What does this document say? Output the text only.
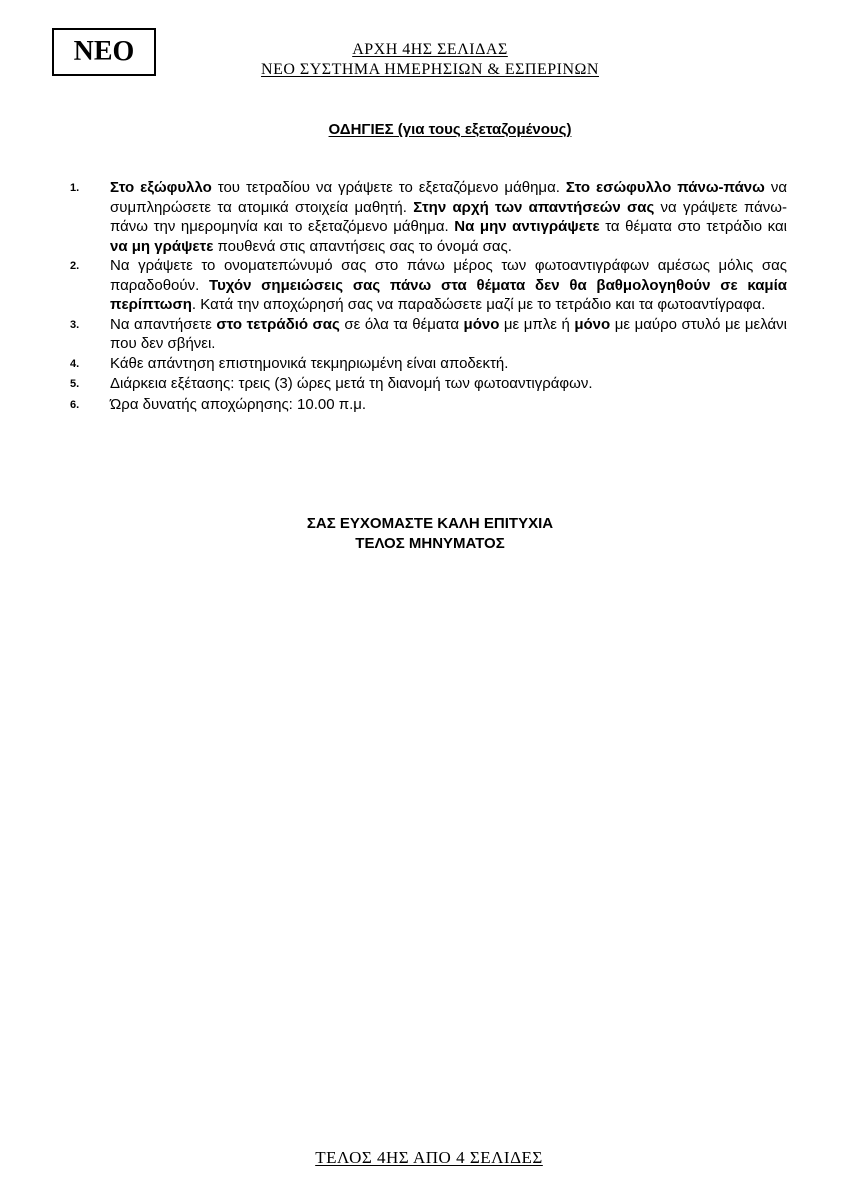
ΝΕΟ	ΑΡΧΗ 4ΗΣ ΣΕΛΙΔΑΣ
ΝΕΟ ΣΥΣΤΗΜΑ ΗΜΕΡΗΣΙΩΝ & ΕΣΠΕΡΙΝΩΝ
ΟΔΗΓΙΕΣ (για τους εξεταζομένους)
1.	Στο εξώφυλλο του τετραδίου να γράψετε το εξεταζόμενο μάθημα. Στο εσώφυλλο πάνω-πάνω να συμπληρώσετε τα ατομικά στοιχεία μαθητή. Στην αρχή των απαντήσεών σας να γράψετε πάνω-πάνω την ημερομηνία και το εξεταζόμενο μάθημα. Να μην αντιγράψετε τα θέματα στο τετράδιο και να μη γράψετε πουθενά στις απαντήσεις σας το όνομά σας.
2.	Να γράψετε το ονοματεπώνυμό σας στο πάνω μέρος των φωτοαντιγράφων αμέσως μόλις σας παραδοθούν. Τυχόν σημειώσεις σας πάνω στα θέματα δεν θα βαθμολογηθούν σε καμία περίπτωση. Κατά την αποχώρησή σας να παραδώσετε μαζί με το τετράδιο και τα φωτοαντίγραφα.
3.	Να απαντήσετε στο τετράδιό σας σε όλα τα θέματα μόνο με μπλε ή μόνο με μαύρο στυλό με μελάνι που δεν σβήνει.
4.	Κάθε απάντηση επιστημονικά τεκμηριωμένη είναι αποδεκτή.
5.	Διάρκεια εξέτασης: τρεις (3) ώρες μετά τη διανομή των φωτοαντιγράφων.
6.	Ώρα δυνατής αποχώρησης: 10.00 π.μ.
ΣΑΣ ΕΥΧΟΜΑΣΤΕ ΚΑΛΗ ΕΠΙΤΥΧΙΑ
ΤΕΛΟΣ ΜΗΝΥΜΑΤΟΣ
ΤΕΛΟΣ 4ΗΣ ΑΠΟ 4 ΣΕΛΙΔΕΣ
